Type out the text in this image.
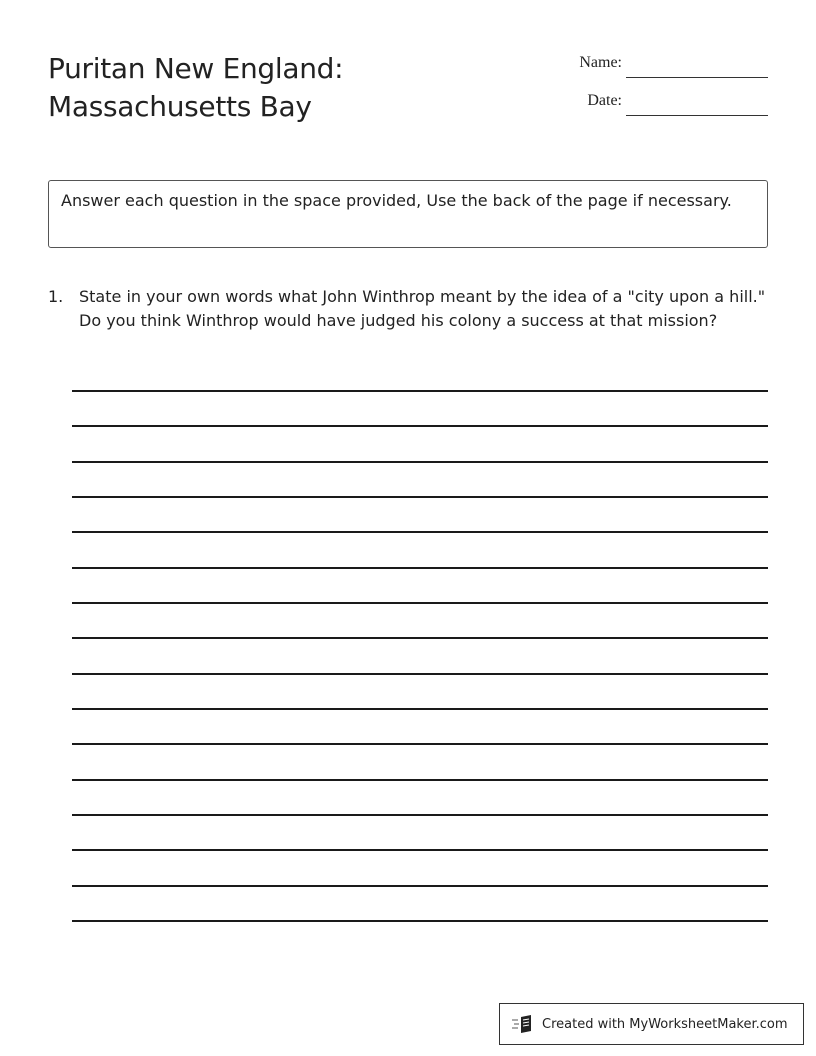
Puritan New England:
Massachusetts Bay
Name:
Date:
Answer each question in the space provided, Use the back of the page if necessary.
1. State in your own words what John Winthrop meant by the idea of a "city upon a hill." Do you think Winthrop would have judged his colony a success at that mission?
Created with MyWorksheetMaker.com
